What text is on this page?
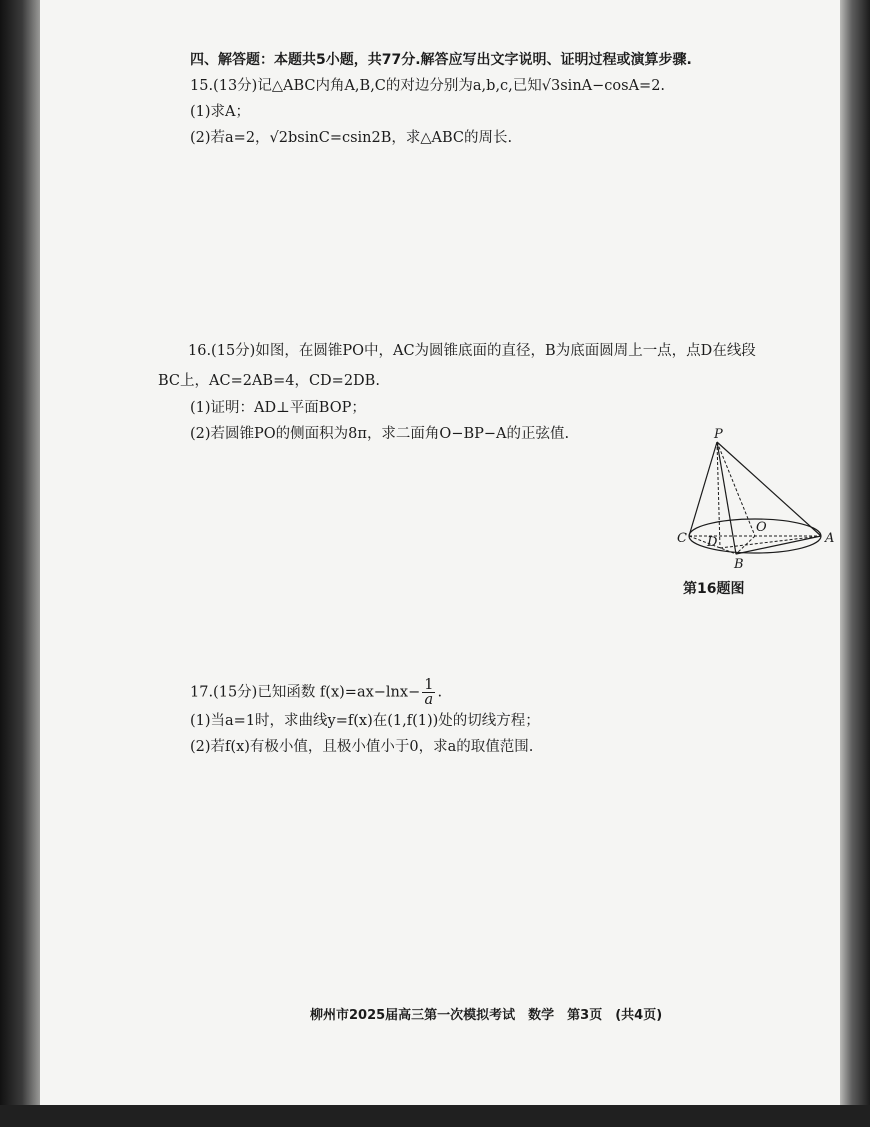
四、解答题：本题共5小题，共77分.解答应写出文字说明、证明过程或演算步骤.
15.(13分)记△ABC内角A,B,C的对边分别为a,b,c,已知√3sinA−cosA=2.
(1)求A；
(2)若a=2，√2bsinC=csin2B，求△ABC的周长.
16.(15分)如图，在圆锥PO中，AC为圆锥底面的直径，B为底面圆周上一点，点D在线段
BC上，AC=2AB=4，CD=2DB.
(1)证明：AD⊥平面BOP；
(2)若圆锥PO的侧面积为8π，求二面角O−BP−A的正弦值.	P
O
C	A
B
D
第16题图
17.(15分)已知函数 $f(x)=ax-\ln x- \frac{1}{a}$ .
(1)当a=1时，求曲线y=f(x)在(1,f(1))处的切线方程；
(2)若f(x)有极小值，且极小值小于0，求a的取值范围.
柳州市2025届高三第一次模拟考试　数学　第3页　(共4页)
